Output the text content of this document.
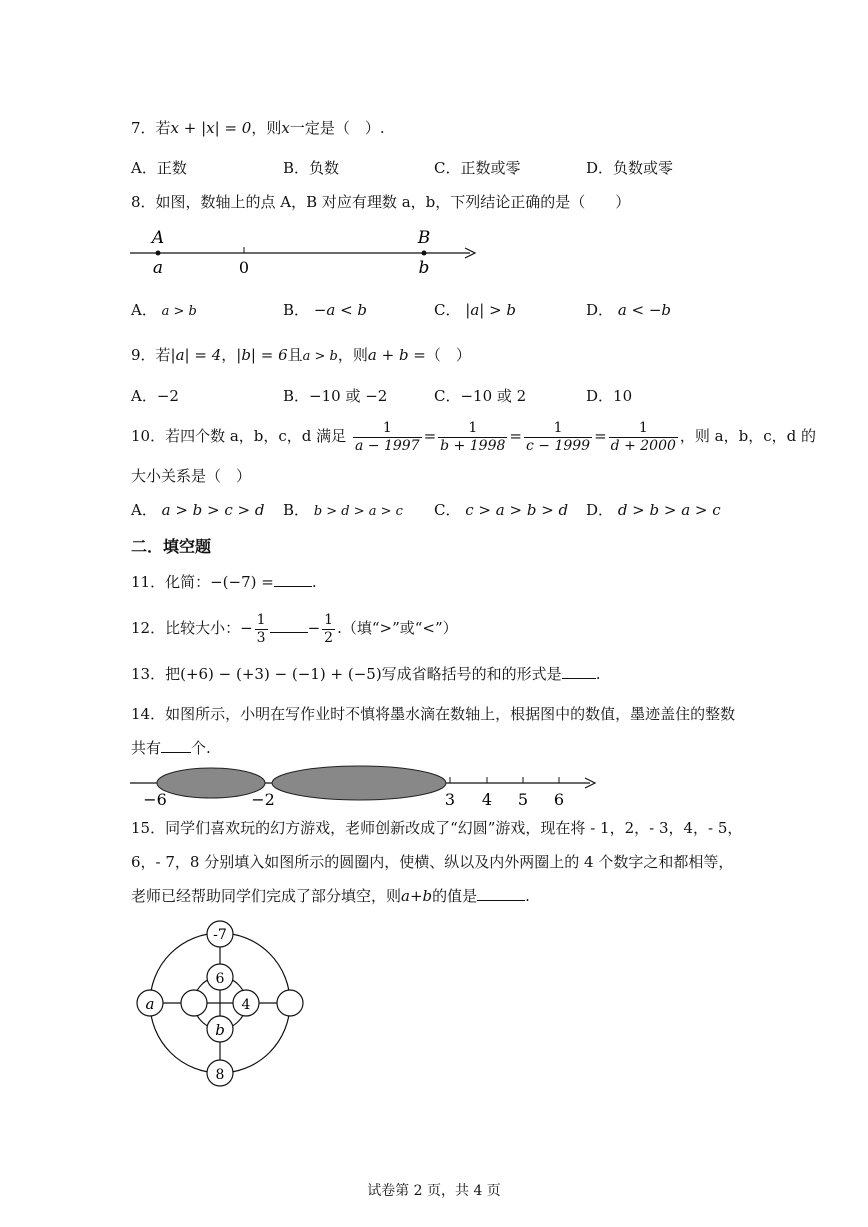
7．若x + |x| = 0，则x一定是（　）.
A．正数	B．负数	C．正数或零	D．负数或零
8．如图，数轴上的点 A，B 对应有理数 a，b，下列结论正确的是（　　）
A	B
a	0	b
A． a > b	B． −a < b	C． |a| > b	D． a < −b
9．若|a| = 4，|b| = 6且a > b，则a + b =（　）
A．−2	B．−10 或 −2	C．−10 或 2	D．10
10．若四个数 a，b，c，d 满足 $\frac{1}{a - 1997} = \frac{1}{b + 1998} = \frac{1}{c - 1999} = \frac{1}{d + 2000}$ ，则 a，b，c，d 的
大小关系是（　）
A． a > b > c > d B． b > d > a > c C． c > a > b > d D． d > b > a > c
二．填空题
11．化简：−(−7) =	.
12．比较大小：− $\frac{1}{3}$	− $\frac{1}{2}$ .（填“>”或“<”）
13．把(+6) − (+3) − (−1) + (−5)写成省略括号的和的形式是 .
14．如图所示，小明在写作业时不慎将墨水滴在数轴上，根据图中的数值，墨迹盖住的整数
共有 个.
−6	−2	3 4 5 6
15．同学们喜欢玩的幻方游戏，老师创新改成了“幻圆”游戏，现在将 - 1，2，- 3，4，- 5，
6，- 7，8 分别填入如图所示的圆圈内，使横、纵以及内外两圈上的 4 个数字之和都相等，
老师已经帮助同学们完成了部分填空，则a+b的值是	.
-7
8
a
6
b
4
试卷第 2 页，共 4 页
